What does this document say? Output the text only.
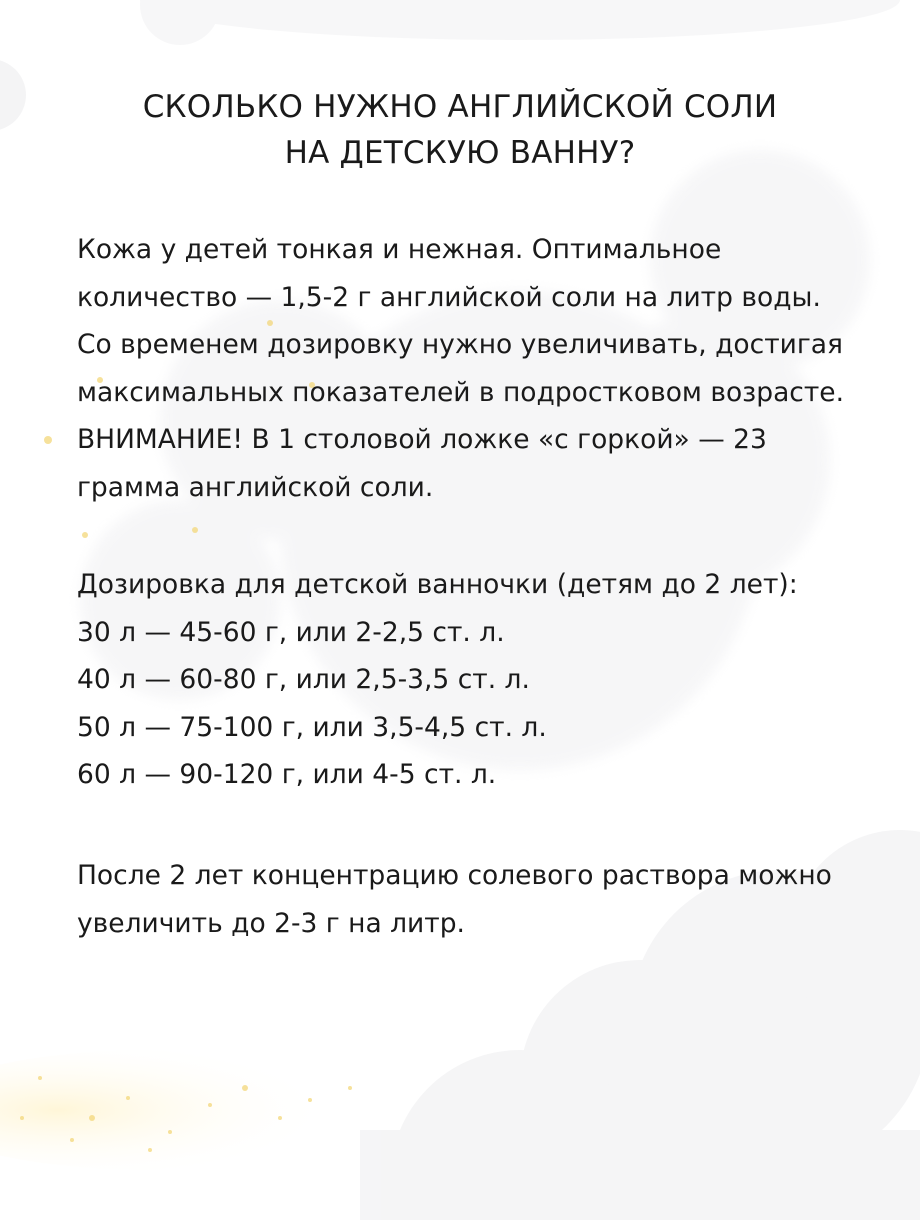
СКОЛЬКО НУЖНО АНГЛИЙСКОЙ СОЛИ
НА ДЕТСКУЮ ВАННУ?
Кожа у детей тонкая и нежная. Оптимальное
количество — 1,5-2 г английской соли на литр воды.
Со временем дозировку нужно увеличивать, достигая
максимальных показателей в подростковом возрасте.
ВНИМАНИЕ! В 1 столовой ложке «с горкой» — 23
грамма английской соли.
Дозировка для детской ванночки (детям до 2 лет):
30 л — 45-60 г, или 2-2,5 ст. л.
40 л — 60-80 г, или 2,5-3,5 ст. л.
50 л — 75-100 г, или 3,5-4,5 ст. л.
60 л — 90-120 г, или 4-5 ст. л.
После 2 лет концентрацию солевого раствора можно
увеличить до 2-3 г на литр.
